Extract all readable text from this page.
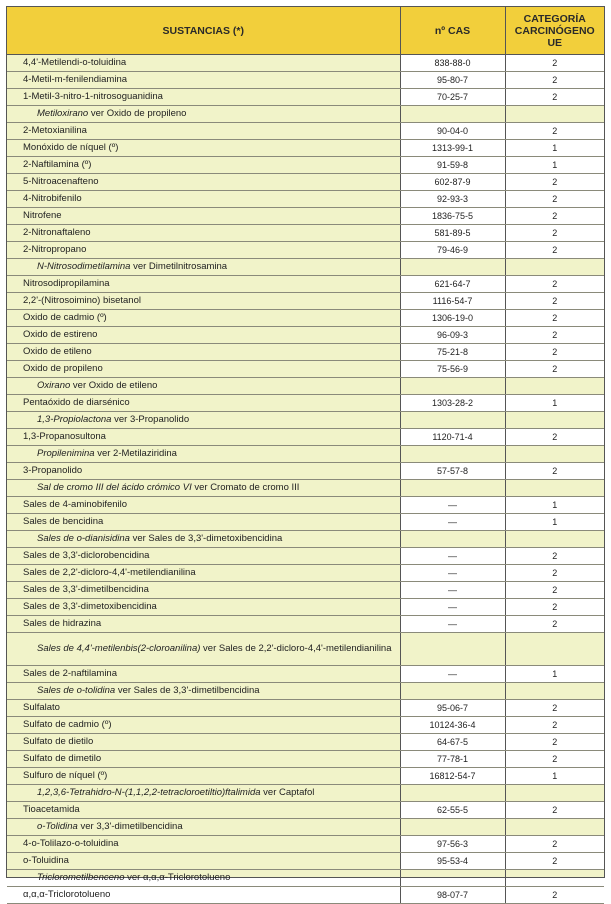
SUSTANCIAS (*)	nº CAS	CATEGORÍA
CARCINÓGENO
UE
4,4'-Metilendi-o-toluidina	838-88-0	2
4-Metil-m-fenilendiamina	95-80-7	2
1-Metil-3-nitro-1-nitrosoguanidina	70-25-7	2
Metiloxirano ver Oxido de propileno		
2-Metoxianilina	90-04-0	2
Monóxido de níquel (º)	1313-99-1	1
2-Naftilamina (º)	91-59-8	1
5-Nitroacenafteno	602-87-9	2
4-Nitrobifenilo	92-93-3	2
Nitrofene	1836-75-5	2
2-Nitronaftaleno	581-89-5	2
2-Nitropropano	79-46-9	2
N-Nitrosodimetilamina ver Dimetilnitrosamina		
Nitrosodipropilamina	621-64-7	2
2,2'-(Nitrosoimino) bisetanol	1116-54-7	2
Oxido de cadmio (º)	1306-19-0	2
Oxido de estireno	96-09-3	2
Oxido de etileno	75-21-8	2
Oxido de propileno	75-56-9	2
Oxirano ver Oxido de etileno		
Pentaóxido de diarsénico	1303-28-2	1
1,3-Propiolactona ver 3-Propanolido		
1,3-Propanosultona	1120-71-4	2
Propilenimina ver 2-Metilaziridina		
3-Propanolido	57-57-8	2
Sal de cromo III del ácido crómico VI ver Cromato de cromo III		
Sales de 4-aminobifenilo	—	1
Sales de bencidina	—	1
Sales de o-dianisidina ver Sales de 3,3'-dimetoxibencidina		
Sales de 3,3'-diclorobencidina	—	2
Sales de 2,2'-dicloro-4,4'-metilendianilina	—	2
Sales de 3,3'-dimetilbencidina	—	2
Sales de 3,3'-dimetoxibencidina	—	2
Sales de hidrazina	—	2
Sales de 4,4'-metilenbis(2-cloroanilina) ver Sales de 2,2'-dicloro-4,4'-metilendianilina		
Sales de 2-naftilamina	—	1
Sales de o-tolidina ver Sales de 3,3'-dimetilbencidina		
Sulfalato	95-06-7	2
Sulfato de cadmio (º)	10124-36-4	2
Sulfato de dietilo	64-67-5	2
Sulfato de dimetilo	77-78-1	2
Sulfuro de níquel (º)	16812-54-7	1
1,2,3,6-Tetrahidro-N-(1,1,2,2-tetracloroetiltio)ftalimida ver Captafol		
Tioacetamida	62-55-5	2
o-Tolidina ver 3,3'-dimetilbencidina		
4-o-Tolilazo-o-toluidina	97-56-3	2
o-Toluidina	95-53-4	2
Triclorometilbenceno ver α,α,α-Triclorotolueno		
α,α,α-Triclorotolueno	98-07-7	2
